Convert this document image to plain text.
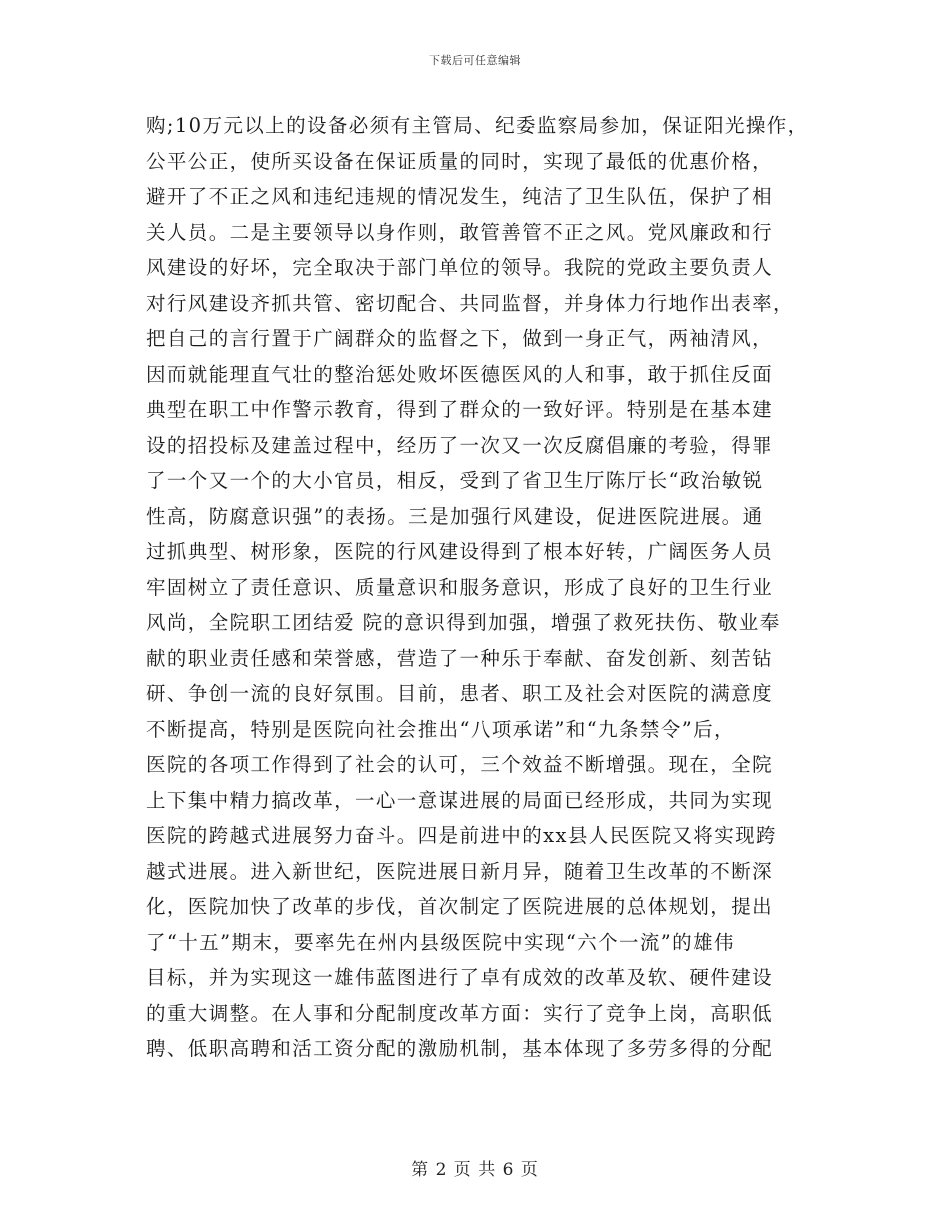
下载后可任意编辑
购;10万元以上的设备必须有主管局、纪委监察局参加，保证阳光操作，
公平公正，使所买设备在保证质量的同时，实现了最低的优惠价格，
避开了不正之风和违纪违规的情况发生，纯洁了卫生队伍，保护了相
关人员。二是主要领导以身作则，敢管善管不正之风。党风廉政和行
风建设的好坏，完全取决于部门单位的领导。我院的党政主要负责人
对行风建设齐抓共管、密切配合、共同监督，并身体力行地作出表率，
把自己的言行置于广阔群众的监督之下，做到一身正气，两袖清风，
因而就能理直气壮的整治惩处败坏医德医风的人和事，敢于抓住反面
典型在职工中作警示教育，得到了群众的一致好评。特别是在基本建
设的招投标及建盖过程中，经历了一次又一次反腐倡廉的考验，得罪
了一个又一个的大小官员，相反，受到了省卫生厅陈厅长“政治敏锐
性高，防腐意识强”的表扬。三是加强行风建设，促进医院进展。通
过抓典型、树形象，医院的行风建设得到了根本好转，广阔医务人员
牢固树立了责任意识、质量意识和服务意识，形成了良好的卫生行业
风尚，全院职工团结爱 院的意识得到加强，增强了救死扶伤、敬业奉
献的职业责任感和荣誉感，营造了一种乐于奉献、奋发创新、刻苦钻
研、争创一流的良好氛围。目前，患者、职工及社会对医院的满意度
不断提高，特别是医院向社会推出“八项承诺”和“九条禁令”后，
医院的各项工作得到了社会的认可，三个效益不断增强。现在，全院
上下集中精力搞改革，一心一意谋进展的局面已经形成，共同为实现
医院的跨越式进展努力奋斗。四是前进中的xx县人民医院又将实现跨
越式进展。进入新世纪，医院进展日新月异，随着卫生改革的不断深
化，医院加快了改革的步伐，首次制定了医院进展的总体规划，提出
了“十五”期末，要率先在州内县级医院中实现“六个一流”的雄伟
目标，并为实现这一雄伟蓝图进行了卓有成效的改革及软、硬件建设
的重大调整。在人事和分配制度改革方面：实行了竞争上岗，高职低
聘、低职高聘和活工资分配的激励机制，基本体现了多劳多得的分配
第 2 页 共 6 页
